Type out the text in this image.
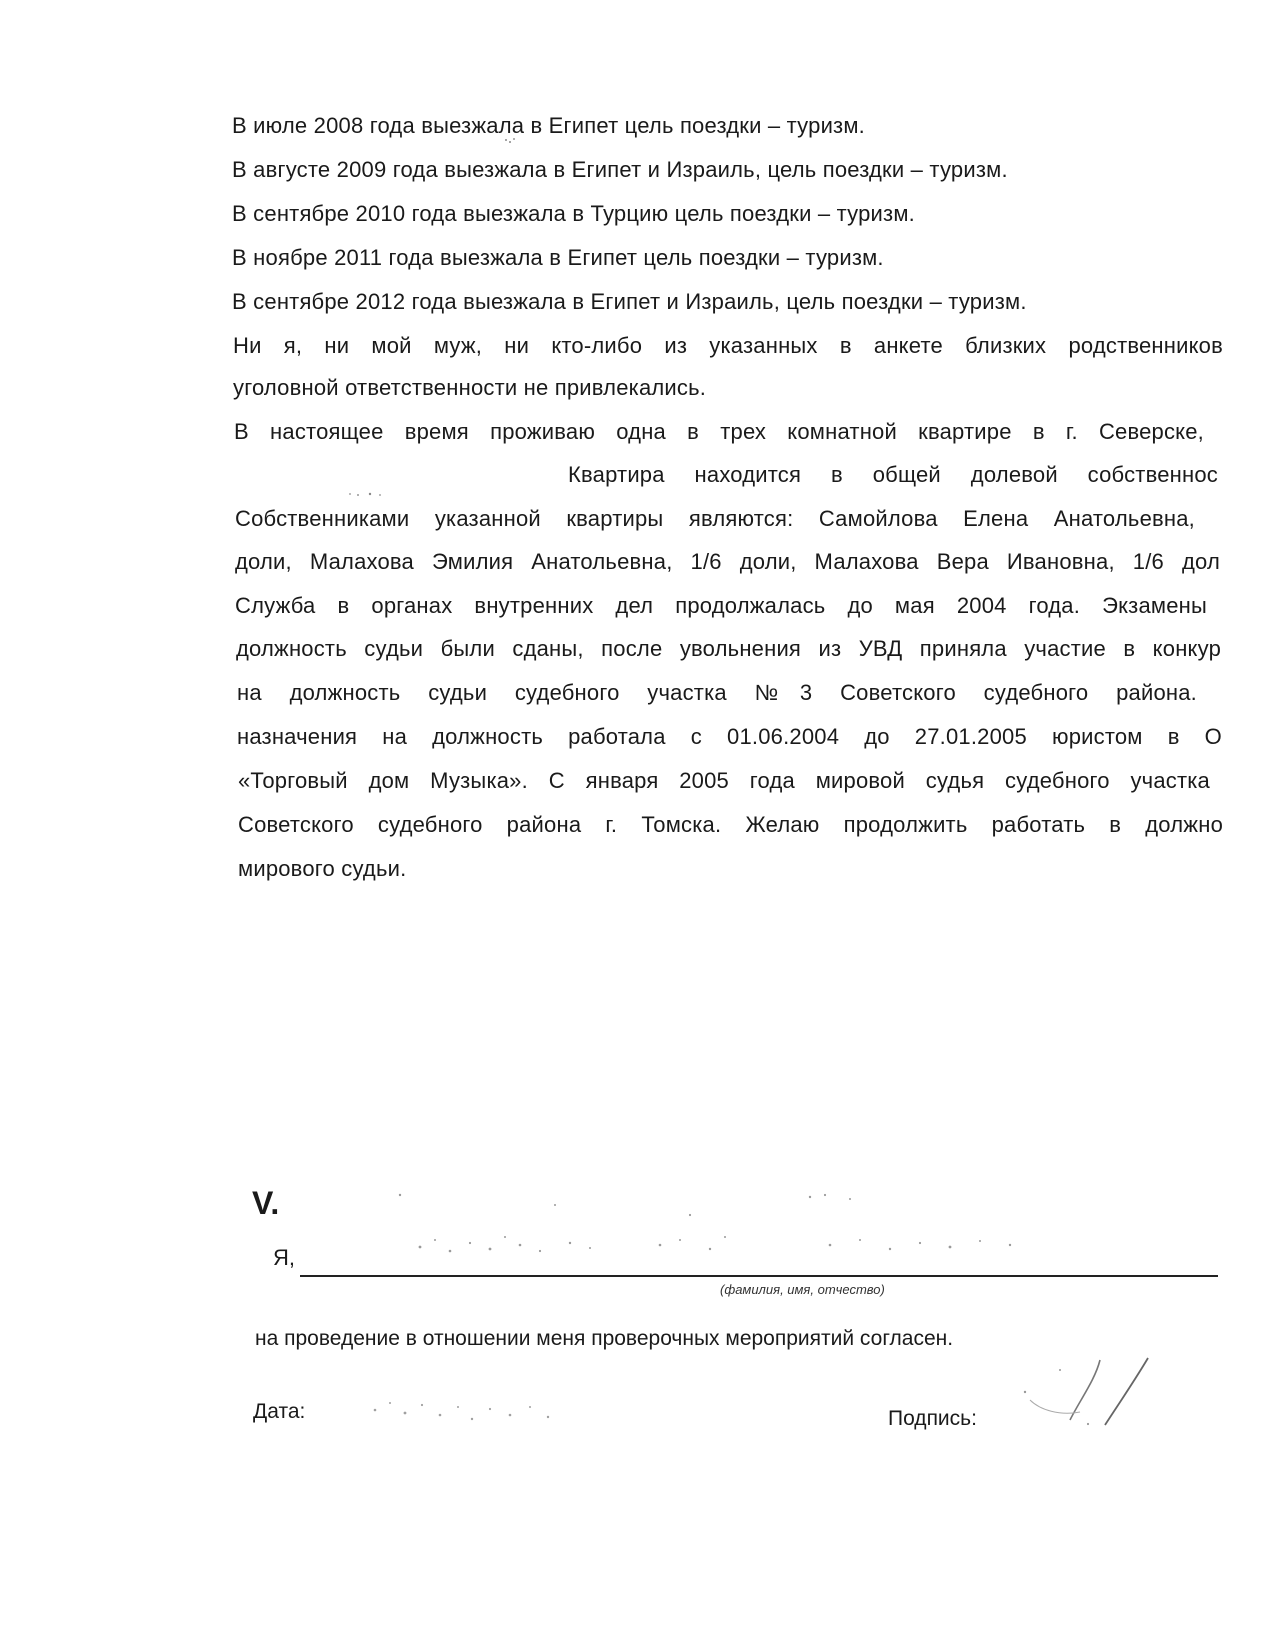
В июле 2008 года выезжала в Египет цель поездки – туризм.
В августе 2009 года выезжала в Египет и Израиль, цель поездки – туризм.
В сентябре 2010 года выезжала в Турцию цель поездки – туризм.
В ноябре 2011 года выезжала в Египет цель поездки – туризм.
В сентябре 2012 года выезжала в Египет и Израиль, цель поездки – туризм.
Ни я, ни мой муж, ни кто-либо из указанных в анкете близких родственников
уголовной ответственности не привлекались.
В настоящее время проживаю одна в трех комнатной квартире в г. Северске,
Квартира находится в общей долевой собственнос
Собственниками указанной квартиры являются: Самойлова Елена Анатольевна,
доли, Малахова Эмилия Анатольевна, 1/6 доли, Малахова Вера Ивановна, 1/6 дол
Служба в органах внутренних дел продолжалась до мая 2004 года. Экзамены
должность судьи были сданы, после увольнения из УВД приняла участие в конкур
на должность судьи судебного участка №3 Советского судебного района.
назначения на должность работала с 01.06.2004 до 27.01.2005 юристом в О
«Торговый дом Музыка». С января 2005 года мировой судья судебного участка
Советского судебного района г. Томска. Желаю продолжить работать в должно
мирового судьи.
V.
Я,
(фамилия, имя, отчество)
на проведение в отношении меня проверочных мероприятий согласен.
Дата:	Подпись:
